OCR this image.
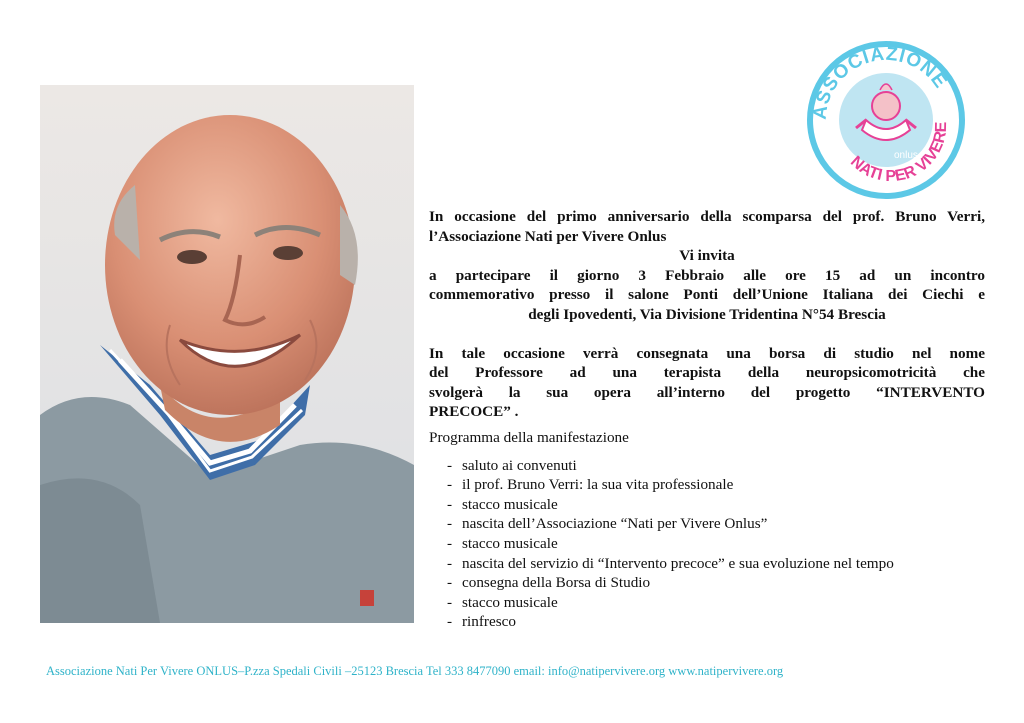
ASSOCIAZIONE
NATI PER VIVERE
onlus

In occasione del primo anniversario della scomparsa del prof. Bruno Verri,

l’Associazione Nati per Vivere Onlus

Vi invita

a partecipare il giorno 3 Febbraio alle ore 15 ad un incontro

commemorativo presso il salone Ponti dell’Unione Italiana dei Ciechi e

degli Ipovedenti, Via Divisione Tridentina N°54 Brescia

In tale occasione verrà consegnata una borsa di studio nel nome

del Professore ad una terapista della neuropsicomotricità che

svolgerà la sua opera all’interno del progetto “INTERVENTO

PRECOCE” .

Programma della manifestazione

- saluto ai convenuti
- il prof. Bruno Verri: la sua vita professionale
- stacco musicale
- nascita dell’Associazione “Nati per Vivere Onlus”
- stacco musicale
- nascita del servizio di “Intervento precoce” e sua evoluzione nel tempo
- consegna della Borsa di Studio
- stacco musicale
- rinfresco
Associazione Nati Per Vivere ONLUS–P.zza Spedali Civili –25123 Brescia Tel 333 8477090 email: info@natipervivere.org www.natipervivere.org
